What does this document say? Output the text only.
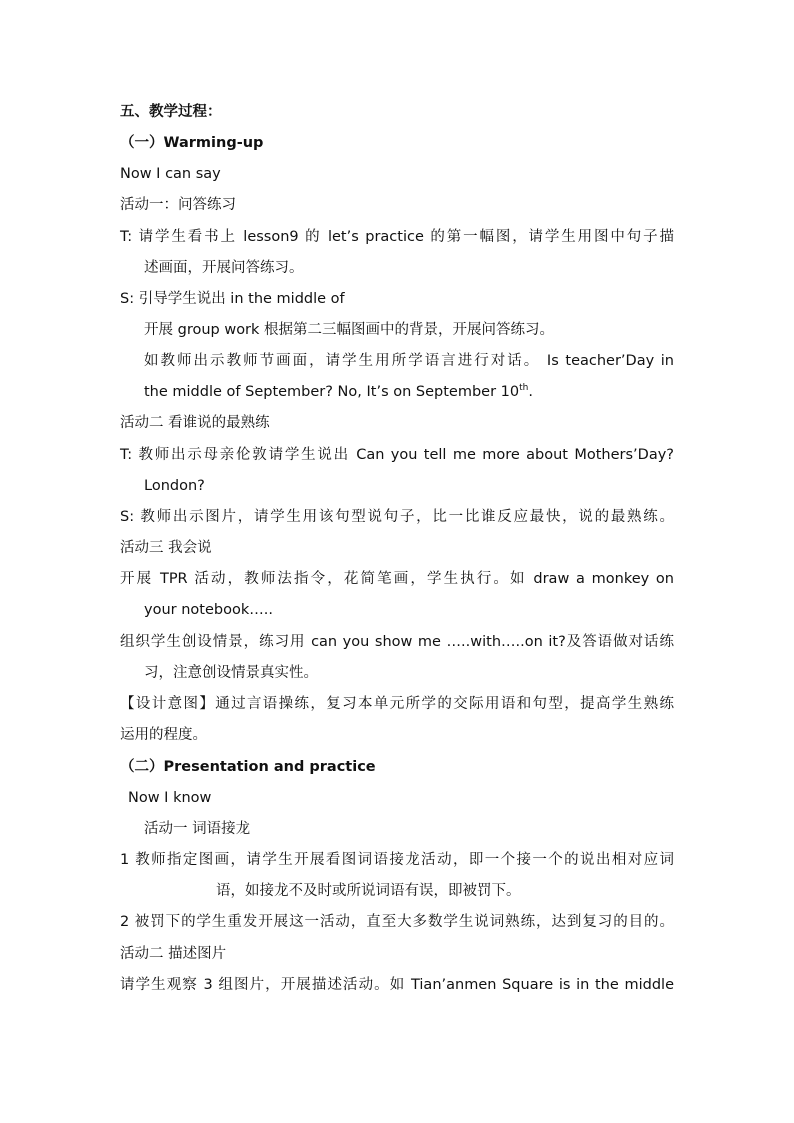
五、教学过程：
（一）Warming-up
Now I can say
活动一：问答练习
T: 请学生看书上 lesson9 的 let’s practice 的第一幅图，请学生用图中句子描
述画面，开展问答练习。
S: 引导学生说出 in the middle of
开展 group work 根据第二三幅图画中的背景，开展问答练习。
如教师出示教师节画面，请学生用所学语言进行对话。 Is teacher’Day in
the middle of September? No, It’s on September 10th.
活动二 看谁说的最熟练
T: 教师出示母亲伦敦请学生说出 Can you tell me more about Mothers’Day?
London?
S: 教师出示图片，请学生用该句型说句子，比一比谁反应最快，说的最熟练。
活动三 我会说
开展 TPR 活动，教师法指令，花简笔画，学生执行。如 draw a monkey on
your notebook…..
组织学生创设情景，练习用 can you show me …..with…..on it?及答语做对话练
习，注意创设情景真实性。
【设计意图】通过言语操练，复习本单元所学的交际用语和句型，提高学生熟练
运用的程度。
（二）Presentation and practice
Now I know
活动一 词语接龙
1 教师指定图画，请学生开展看图词语接龙活动，即一个接一个的说出相对应词
语，如接龙不及时或所说词语有误，即被罚下。
2 被罚下的学生重发开展这一活动，直至大多数学生说词熟练，达到复习的目的。
活动二 描述图片
请学生观察 3 组图片，开展描述活动。如 Tian’anmen Square is in the middle
